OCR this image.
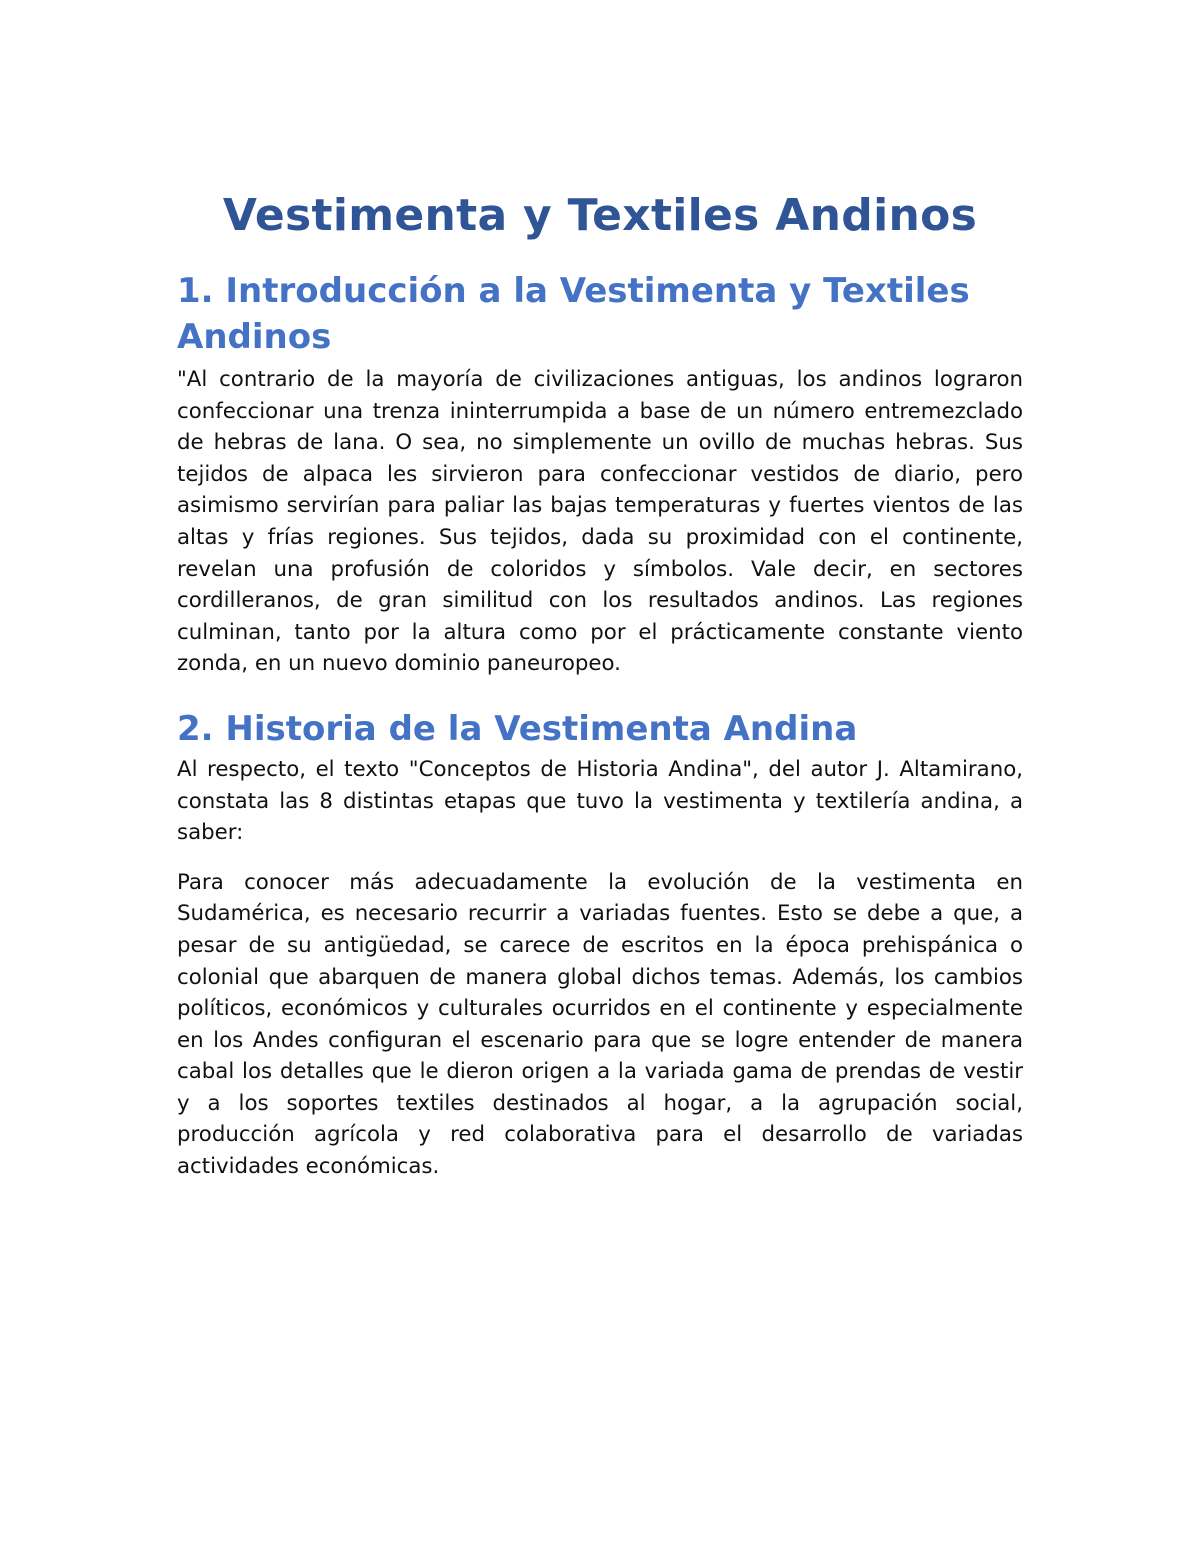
Vestimenta y Textiles Andinos
1. Introducción a la Vestimenta y Textiles Andinos

"Al contrario de la mayoría de civilizaciones antiguas, los andinos lograron confeccionar una trenza ininterrumpida a base de un número entremezclado de hebras de lana. O sea, no simplemente un ovillo de muchas hebras. Sus tejidos de alpaca les sirvieron para confeccionar vestidos de diario, pero asimismo servirían para paliar las bajas temperaturas y fuertes vientos de las altas y frías regiones. Sus tejidos, dada su proximidad con el continente, revelan una profusión de coloridos y símbolos. Vale decir, en sectores cordilleranos, de gran similitud con los resultados andinos. Las regiones culminan, tanto por la altura como por el prácticamente constante viento zonda, en un nuevo dominio paneuropeo.

2. Historia de la Vestimenta Andina

Al respecto, el texto "Conceptos de Historia Andina", del autor J. Altamirano, constata las 8 distintas etapas que tuvo la vestimenta y textilería andina, a saber:

Para conocer más adecuadamente la evolución de la vestimenta en Sudamérica, es necesario recurrir a variadas fuentes. Esto se debe a que, a pesar de su antigüedad, se carece de escritos en la época prehispánica o colonial que abarquen de manera global dichos temas. Además, los cambios políticos, económicos y culturales ocurridos en el continente y especialmente en los Andes configuran el escenario para que se logre entender de manera cabal los detalles que le dieron origen a la variada gama de prendas de vestir y a los soportes textiles destinados al hogar, a la agrupación social, producción agrícola y red colaborativa para el desarrollo de variadas actividades económicas.
